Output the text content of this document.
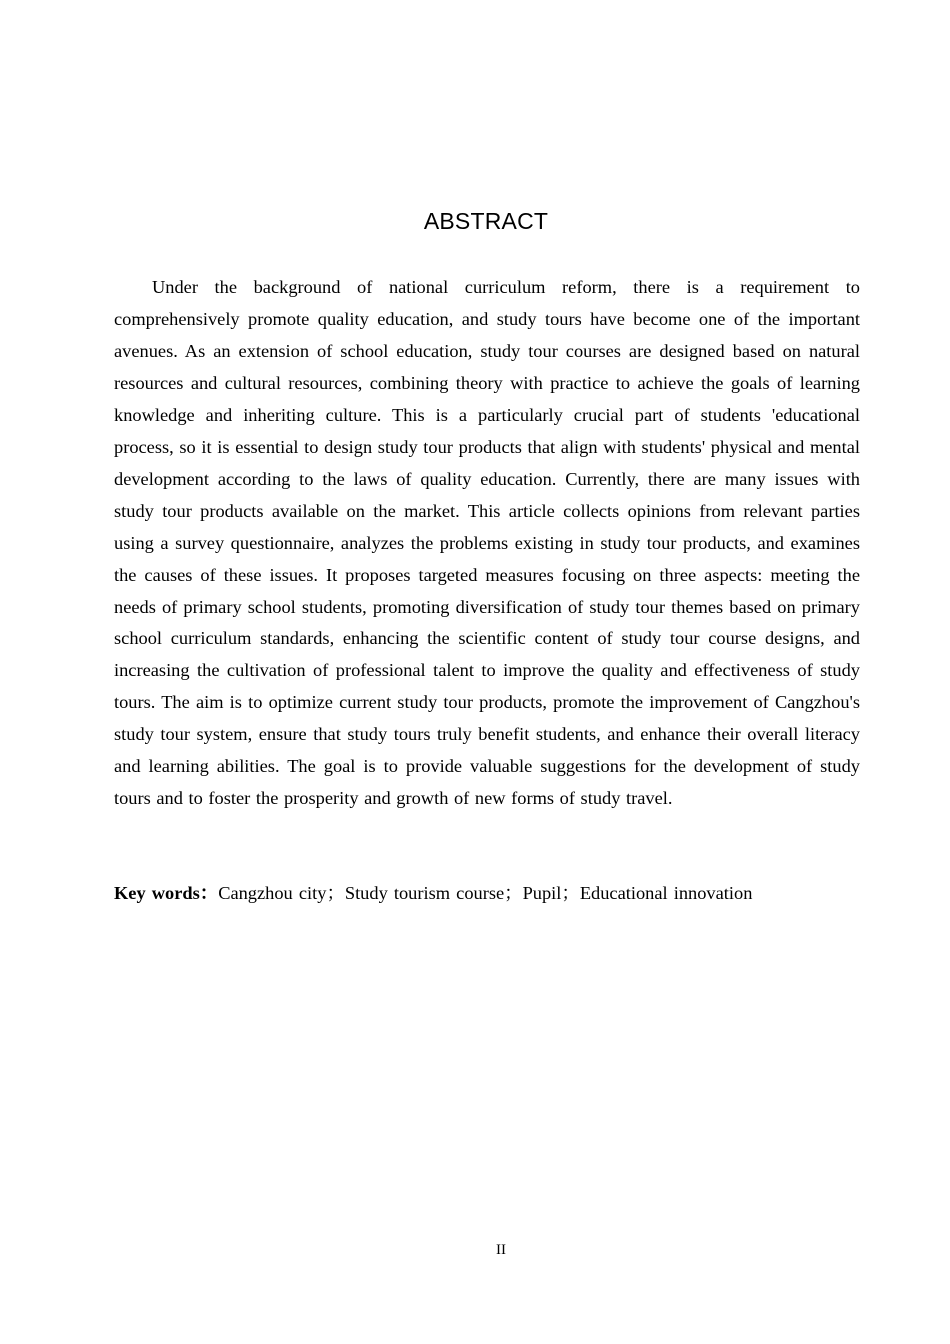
ABSTRACT

Under the background of national curriculum reform, there is a requirement to comprehensively promote quality education, and study tours have become one of the important avenues. As an extension of school education, study tour courses are designed based on natural resources and cultural resources, combining theory with practice to achieve the goals of learning knowledge and inheriting culture. This is a particularly crucial part of students 'educational process, so it is essential to design study tour products that align with students' physical and mental development according to the laws of quality education. Currently, there are many issues with study tour products available on the market. This article collects opinions from relevant parties using a survey questionnaire, analyzes the problems existing in study tour products, and examines the causes of these issues. It proposes targeted measures focusing on three aspects: meeting the needs of primary school students, promoting diversification of study tour themes based on primary school curriculum standards, enhancing the scientific content of study tour course designs, and increasing the cultivation of professional talent to improve the quality and effectiveness of study tours. The aim is to optimize current study tour products, promote the improvement of Cangzhou's study tour system, ensure that study tours truly benefit students, and enhance their overall literacy and learning abilities. The goal is to provide valuable suggestions for the development of study tours and to foster the prosperity and growth of new forms of study travel.

Key words：Cangzhou city；Study tourism course；Pupil；Educational innovation

II
